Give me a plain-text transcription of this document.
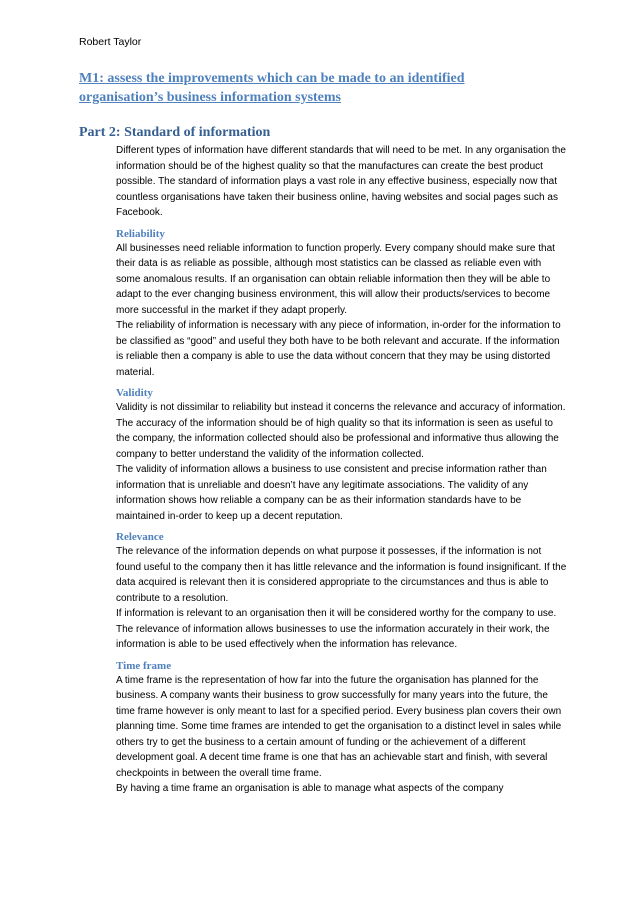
Robert Taylor
M1: assess the improvements which can be made to an identified organisation’s business information systems
Part 2: Standard of information

Different types of information have different standards that will need to be met. In any organisation the information should be of the highest quality so that the manufactures can create the best product possible. The standard of information plays a vast role in any effective business, especially now that countless organisations have taken their business online, having websites and social pages such as Facebook.

Reliability

All businesses need reliable information to function properly. Every company should make sure that their data is as reliable as possible, although most statistics can be classed as reliable even with some anomalous results. If an organisation can obtain reliable information then they will be able to adapt to the ever changing business environment, this will allow their products/services to become more successful in the market if they adapt properly.

The reliability of information is necessary with any piece of information, in-order for the information to be classified as “good” and useful they both have to be both relevant and accurate. If the information is reliable then a company is able to use the data without concern that they may be using distorted material.

Validity

Validity is not dissimilar to reliability but instead it concerns the relevance and accuracy of information. The accuracy of the information should be of high quality so that its information is seen as useful to the company, the information collected should also be professional and informative thus allowing the company to better understand the validity of the information collected.

The validity of information allows a business to use consistent and precise information rather than information that is unreliable and doesn’t have any legitimate associations. The validity of any information shows how reliable a company can be as their information standards have to be maintained in-order to keep up a decent reputation.

Relevance

The relevance of the information depends on what purpose it possesses, if the information is not found useful to the company then it has little relevance and the information is found insignificant. If the data acquired is relevant then it is considered appropriate to the circumstances and thus is able to contribute to a resolution.

If information is relevant to an organisation then it will be considered worthy for the company to use. The relevance of information allows businesses to use the information accurately in their work, the information is able to be used effectively when the information has relevance.

Time frame

A time frame is the representation of how far into the future the organisation has planned for the business. A company wants their business to grow successfully for many years into the future, the time frame however is only meant to last for a specified period. Every business plan covers their own planning time. Some time frames are intended to get the organisation to a distinct level in sales while others try to get the business to a certain amount of funding or the achievement of a different development goal. A decent time frame is one that has an achievable start and finish, with several checkpoints in between the overall time frame.

By having a time frame an organisation is able to manage what aspects of the company
